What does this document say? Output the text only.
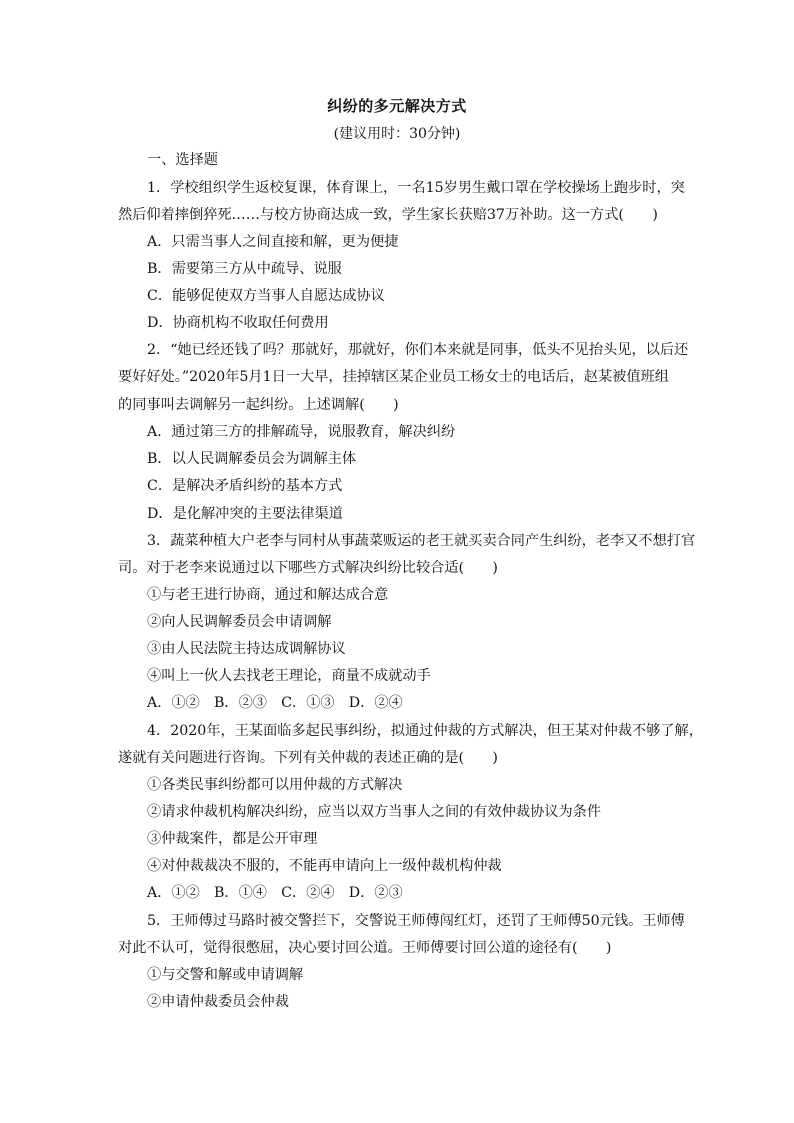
纠纷的多元解决方式
(建议用时：30分钟)
一、选择题
1．学校组织学生返校复课，体育课上，一名15岁男生戴口罩在学校操场上跑步时，突
然后仰着摔倒猝死……与校方协商达成一致，学生家长获赔37万补助。这一方式(　　)
A．只需当事人之间直接和解，更为便捷
B．需要第三方从中疏导、说服
C．能够促使双方当事人自愿达成协议
D．协商机构不收取任何费用
2．“她已经还钱了吗？那就好，那就好，你们本来就是同事，低头不见抬头见，以后还
要好好处。”2020年5月1日一大早，挂掉辖区某企业员工杨女士的电话后，赵某被值班组
的同事叫去调解另一起纠纷。上述调解(　　)
A．通过第三方的排解疏导，说服教育，解决纠纷
B．以人民调解委员会为调解主体
C．是解决矛盾纠纷的基本方式
D．是化解冲突的主要法律渠道
3．蔬菜种植大户老李与同村从事蔬菜贩运的老王就买卖合同产生纠纷，老李又不想打官
司。对于老李来说通过以下哪些方式解决纠纷比较合适(　　)
①与老王进行协商，通过和解达成合意
②向人民调解委员会申请调解
③由人民法院主持达成调解协议
④叫上一伙人去找老王理论，商量不成就动手
A．①②　B．②③　C．①③　D．②④
4．2020年，王某面临多起民事纠纷，拟通过仲裁的方式解决，但王某对仲裁不够了解，
遂就有关问题进行咨询。下列有关仲裁的表述正确的是(　　)
①各类民事纠纷都可以用仲裁的方式解决
②请求仲裁机构解决纠纷，应当以双方当事人之间的有效仲裁协议为条件
③仲裁案件，都是公开审理
④对仲裁裁决不服的，不能再申请向上一级仲裁机构仲裁
A．①②　B．①④　C．②④　D．②③
5．王师傅过马路时被交警拦下，交警说王师傅闯红灯，还罚了王师傅50元钱。王师傅
对此不认可，觉得很憋屈，决心要讨回公道。王师傅要讨回公道的途径有(　　)
①与交警和解或申请调解
②申请仲裁委员会仲裁
